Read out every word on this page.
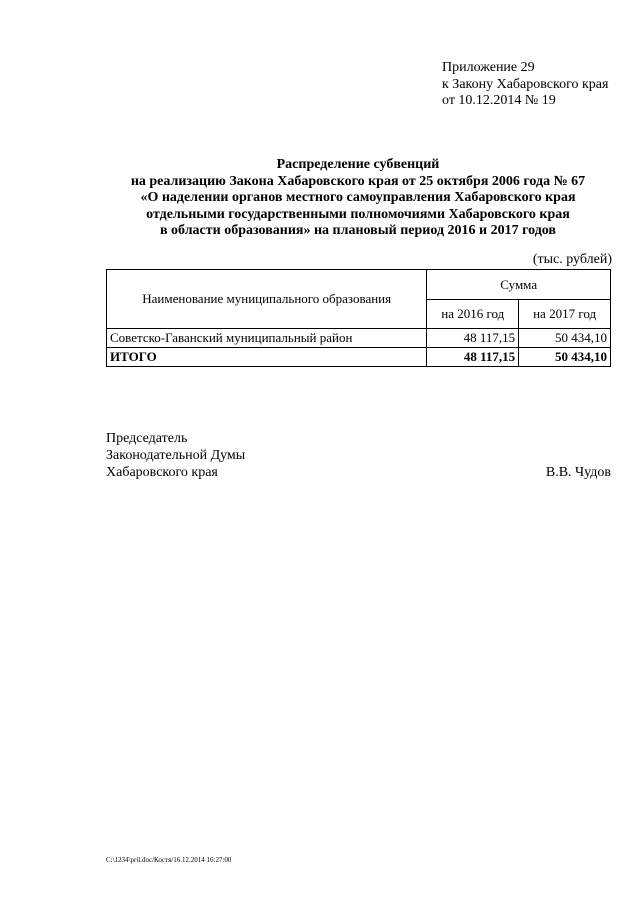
Приложение 29
к Закону Хабаровского края
от 10.12.2014 № 19
Распределение субвенций
на реализацию Закона Хабаровского края от 25 октября 2006 года № 67
«О наделении органов местного самоуправления Хабаровского края
отдельными государственными полномочиями Хабаровского края
в области образования» на плановый период 2016 и 2017 годов
(тыс. рублей)
Наименование муниципального образования	Сумма	
	на 2016 год	на 2017 год
Советско-Гаванский муниципальный район	48 117,15	50 434,10
ИТОГО	48 117,15	50 434,10
Председатель
Законодательной Думы
Хабаровского края	В.В. Чудов
C:\1234\pril.doc/Костя/16.12.2014 16:27:00
